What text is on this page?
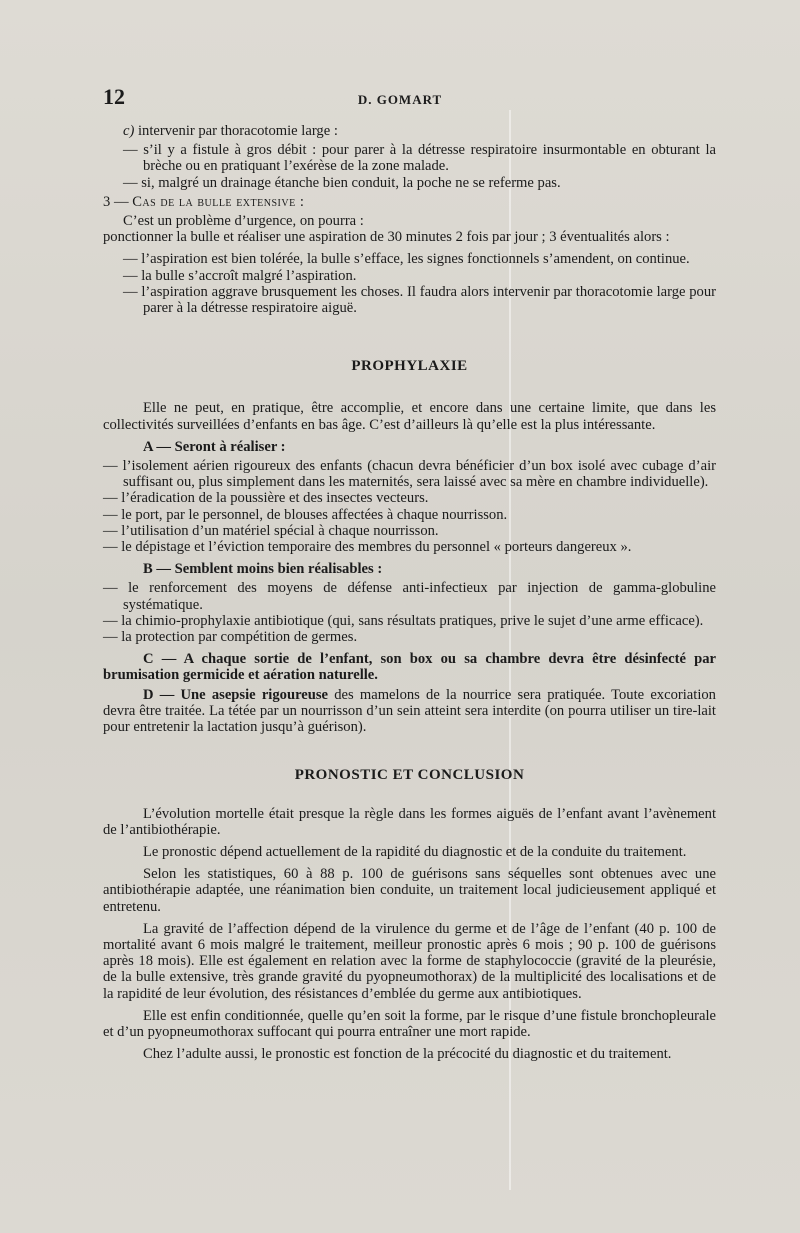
12	D. GOMART

c) intervenir par thoracotomie large :

— s’il y a fistule à gros débit : pour parer à la détresse respiratoire insurmontable en obturant la brèche ou en pratiquant l’exérèse de la zone malade.

— si, malgré un drainage étanche bien conduit, la poche ne se referme pas.

3 — Cas de la bulle extensive :

C’est un problème d’urgence, on pourra :

ponctionner la bulle et réaliser une aspiration de 30 minutes 2 fois par jour ; 3 éventualités alors :

— l’aspiration est bien tolérée, la bulle s’efface, les signes fonctionnels s’amendent, on continue.

— la bulle s’accroît malgré l’aspiration.

— l’aspiration aggrave brusquement les choses. Il faudra alors intervenir par thoracotomie large pour parer à la détresse respiratoire aiguë.

PROPHYLAXIE

Elle ne peut, en pratique, être accomplie, et encore dans une certaine limite, que dans les collectivités surveillées d’enfants en bas âge. C’est d’ailleurs là qu’elle est la plus intéressante.

A — Seront à réaliser :

— l’isolement aérien rigoureux des enfants (chacun devra bénéficier d’un box isolé avec cubage d’air suffisant ou, plus simplement dans les maternités, sera laissé avec sa mère en chambre individuelle).

— l’éradication de la poussière et des insectes vecteurs.

— le port, par le personnel, de blouses affectées à chaque nourrisson.

— l’utilisation d’un matériel spécial à chaque nourrisson.

— le dépistage et l’éviction temporaire des membres du personnel « porteurs dangereux ».

B — Semblent moins bien réalisables :

— le renforcement des moyens de défense anti-infectieux par injection de gamma-globuline systématique.

— la chimio-prophylaxie antibiotique (qui, sans résultats pratiques, prive le sujet d’une arme efficace).

— la protection par compétition de germes.

C — A chaque sortie de l’enfant, son box ou sa chambre devra être désinfecté par brumisation germicide et aération naturelle.

D — Une asepsie rigoureuse des mamelons de la nourrice sera pratiquée. Toute excoriation devra être traitée. La tétée par un nourrisson d’un sein atteint sera interdite (on pourra utiliser un tire-lait pour entretenir la lactation jusqu’à guérison).

PRONOSTIC ET CONCLUSION

L’évolution mortelle était presque la règle dans les formes aiguës de l’enfant avant l’avènement de l’antibiothérapie.

Le pronostic dépend actuellement de la rapidité du diagnostic et de la conduite du traitement.

Selon les statistiques, 60 à 88 p. 100 de guérisons sans séquelles sont obtenues avec une antibiothérapie adaptée, une réanimation bien conduite, un traitement local judicieusement appliqué et entretenu.

La gravité de l’affection dépend de la virulence du germe et de l’âge de l’enfant (40 p. 100 de mortalité avant 6 mois malgré le traitement, meilleur pronostic après 6 mois ; 90 p. 100 de guérisons après 18 mois). Elle est également en relation avec la forme de staphylococcie (gravité de la pleurésie, de la bulle extensive, très grande gravité du pyopneumothorax) de la multiplicité des localisations et de la rapidité de leur évolution, des résistances d’emblée du germe aux antibiotiques.

Elle est enfin conditionnée, quelle qu’en soit la forme, par le risque d’une fistule bronchopleurale et d’un pyopneumothorax suffocant qui pourra entraîner une mort rapide.

Chez l’adulte aussi, le pronostic est fonction de la précocité du diagnostic et du traitement.
